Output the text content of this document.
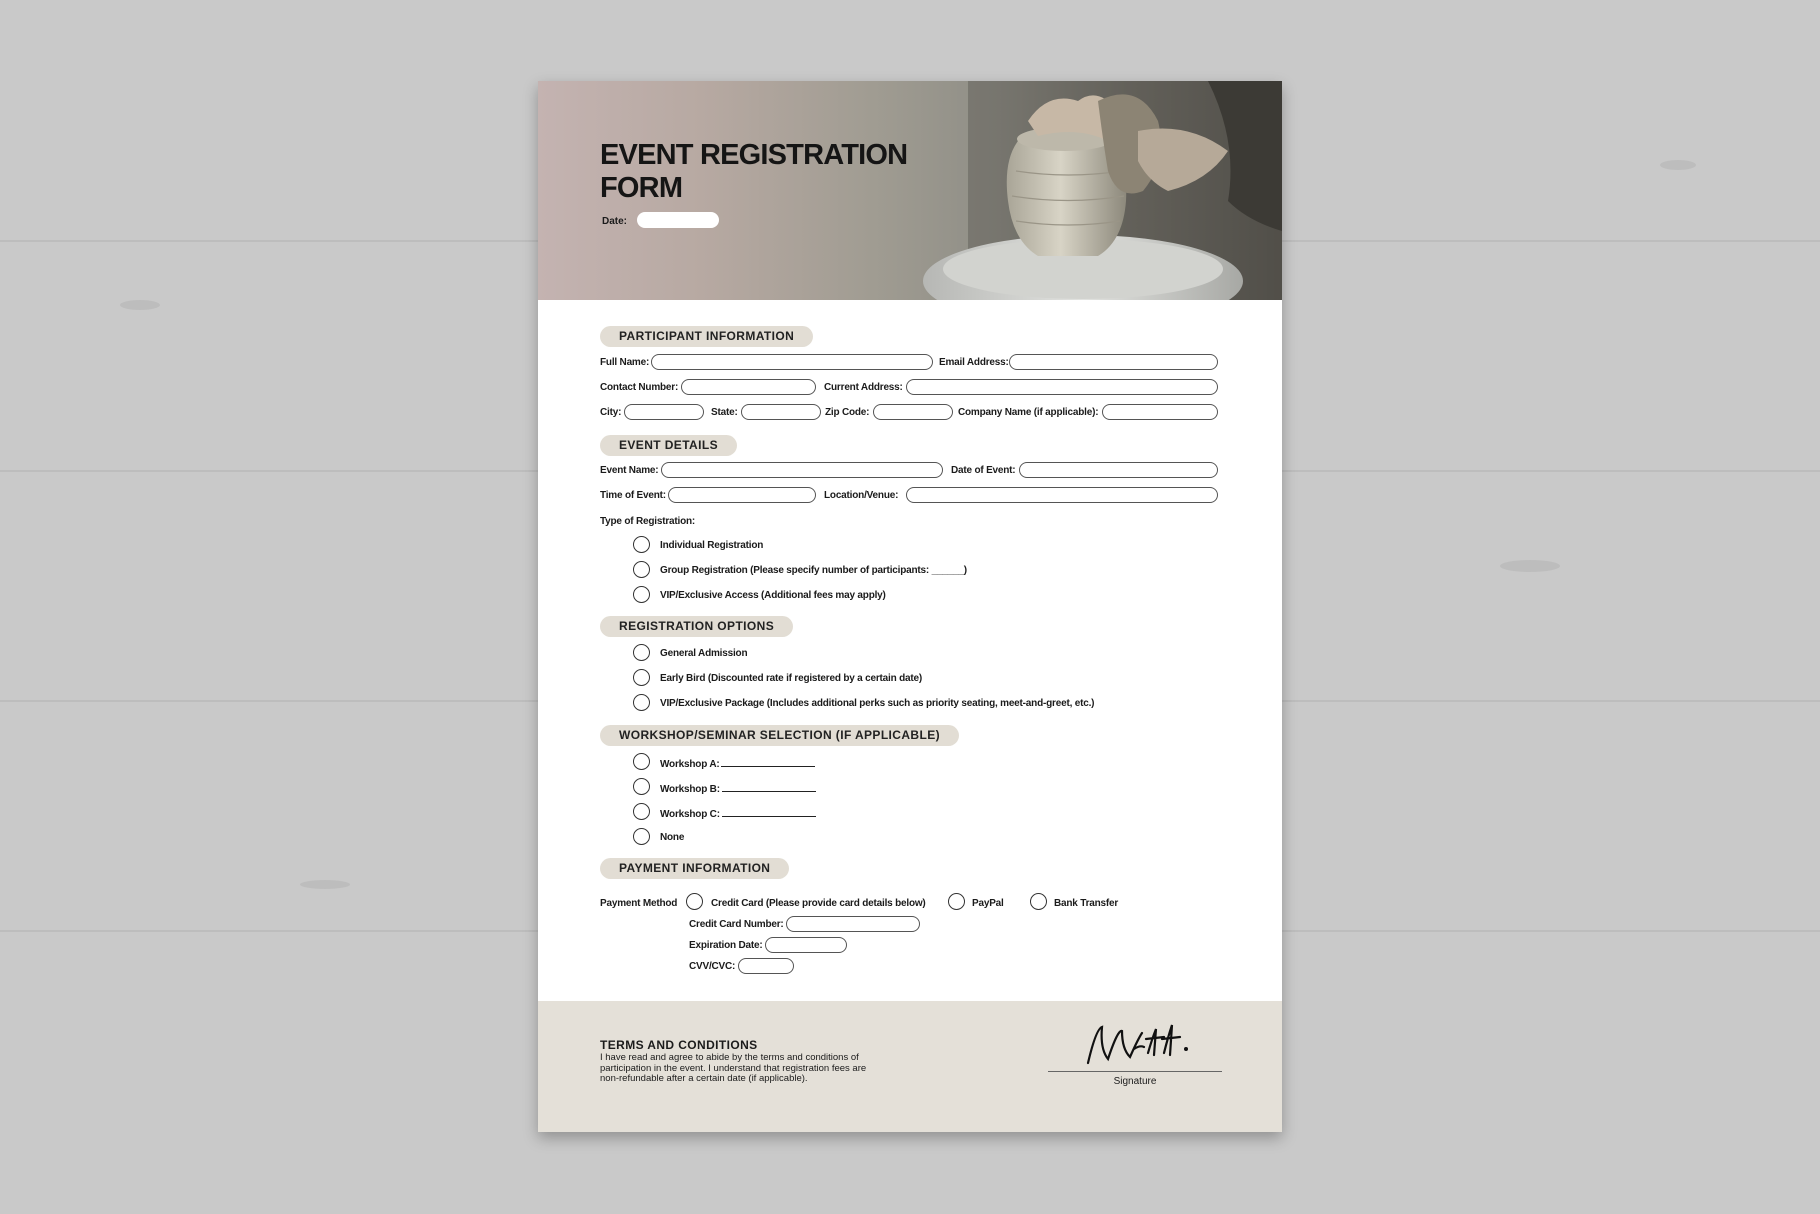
EVENT REGISTRATION FORM
Date:
PARTICIPANT INFORMATION
Full Name:	Email Address:
Contact Number:	Current Address:
City:	State:	Zip Code:	Company Name (if applicable):
EVENT DETAILS
Event Name:	Date of Event:
Time of Event:	Location/Venue:
Type of Registration:
Individual Registration
Group Registration (Please specify number of participants: ______)
VIP/Exclusive Access (Additional fees may apply)
REGISTRATION OPTIONS
General Admission
Early Bird (Discounted rate if registered by a certain date)
VIP/Exclusive Package (Includes additional perks such as priority seating, meet-and-greet, etc.)
WORKSHOP/SEMINAR SELECTION (IF APPLICABLE)
Workshop A:
Workshop B:
Workshop C:
None
PAYMENT INFORMATION
Payment Method	Credit Card (Please provide card details below)	PayPal	Bank Transfer
Credit Card Number:
Expiration Date:
CVV/CVC:
TERMS AND CONDITIONS
I have read and agree to abide by the terms and conditions of participation in the event. I understand that registration fees are non-refundable after a certain date (if applicable).	Signature
